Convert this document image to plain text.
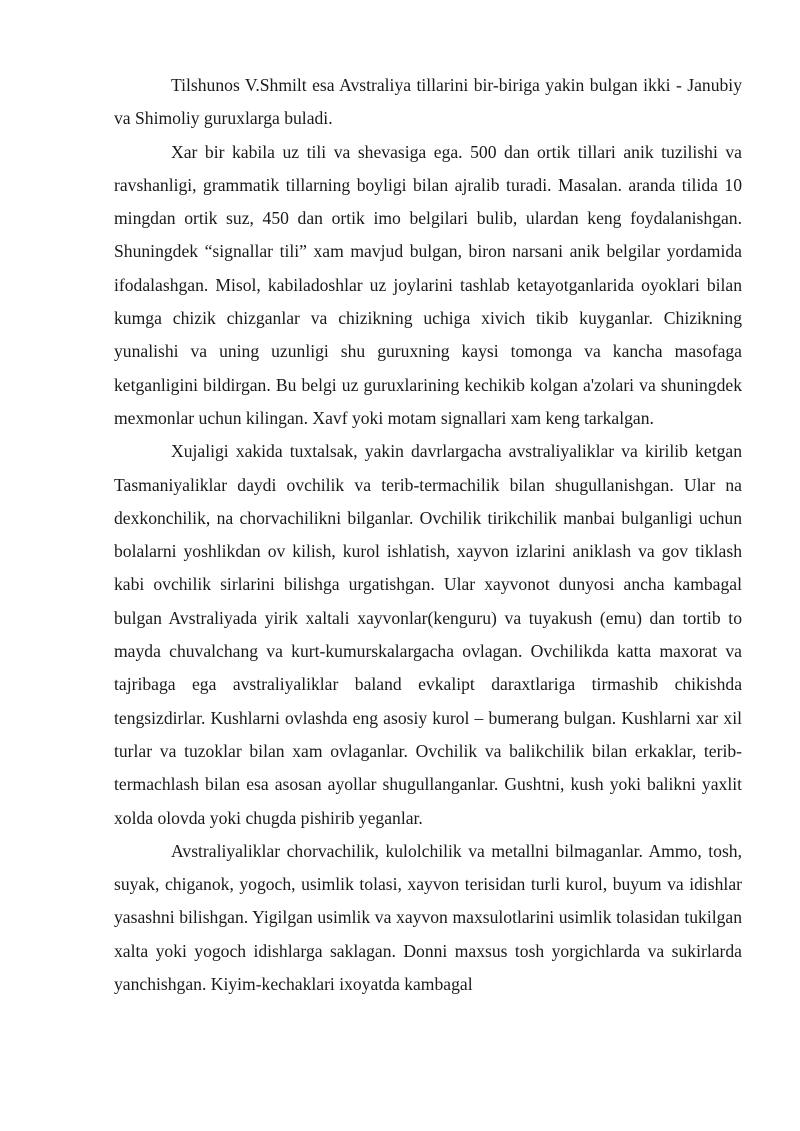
Tilshunos V.Shmilt esa Avstraliya tillarini bir-biriga yakin bulgan ikki - Janubiy va Shimoliy guruxlarga buladi.

Xar bir kabila uz tili va shevasiga ega. 500 dan ortik tillari anik tuzilishi va ravshanligi, grammatik tillarning boyligi bilan ajralib turadi. Masalan. aranda tilida 10 mingdan ortik suz, 450 dan ortik imo belgilari bulib, ulardan keng foydalanishgan. Shuningdek “signallar tili” xam mavjud bulgan, biron narsani anik belgilar yordamida ifodalashgan. Misol, kabiladoshlar uz joylarini tashlab ketayotganlarida oyoklari bilan kumga chizik chizganlar va chizikning uchiga xivich tikib kuyganlar. Chizikning yunalishi va uning uzunligi shu guruxning kaysi tomonga va kancha masofaga ketganligini bildirgan. Bu belgi uz guruxlarining kechikib kolgan a'zolari va shuningdek mexmonlar uchun kilingan. Xavf yoki motam signallari xam keng tarkalgan.

Xujaligi xakida tuxtalsak, yakin davrlargacha avstraliyaliklar va kirilib ketgan Tasmaniyaliklar daydi ovchilik va terib-termachilik bilan shugullanishgan. Ular na dexkonchilik, na chorvachilikni bilganlar. Ovchilik tirikchilik manbai bulganligi uchun bolalarni yoshlikdan ov kilish, kurol ishlatish, xayvon izlarini aniklash va gov tiklash kabi ovchilik sirlarini bilishga urgatishgan. Ular xayvonot dunyosi ancha kambagal bulgan Avstraliyada yirik xaltali xayvonlar(kenguru) va tuyakush (emu) dan tortib to mayda chuvalchang va kurt-kumurskalargacha ovlagan. Ovchilikda katta maxorat va tajribaga ega avstraliyaliklar baland evkalipt daraxtlariga tirmashib chikishda tengsizdirlar. Kushlarni ovlashda eng asosiy kurol – bumerang bulgan. Kushlarni xar xil turlar va tuzoklar bilan xam ovlaganlar. Ovchilik va balikchilik bilan erkaklar, terib-termachlash bilan esa asosan ayollar shugullanganlar. Gushtni, kush yoki balikni yaxlit xolda olovda yoki chugda pishirib yeganlar.

Avstraliyaliklar chorvachilik, kulolchilik va metallni bilmaganlar. Ammo, tosh, suyak, chiganok, yogoch, usimlik tolasi, xayvon terisidan turli kurol, buyum va idishlar yasashni bilishgan. Yigilgan usimlik va xayvon maxsulotlarini usimlik tolasidan tukilgan xalta yoki yogoch idishlarga saklagan. Donni maxsus tosh yorgichlarda va sukirlarda yanchishgan. Kiyim-kechaklari ixoyatda kambagal
